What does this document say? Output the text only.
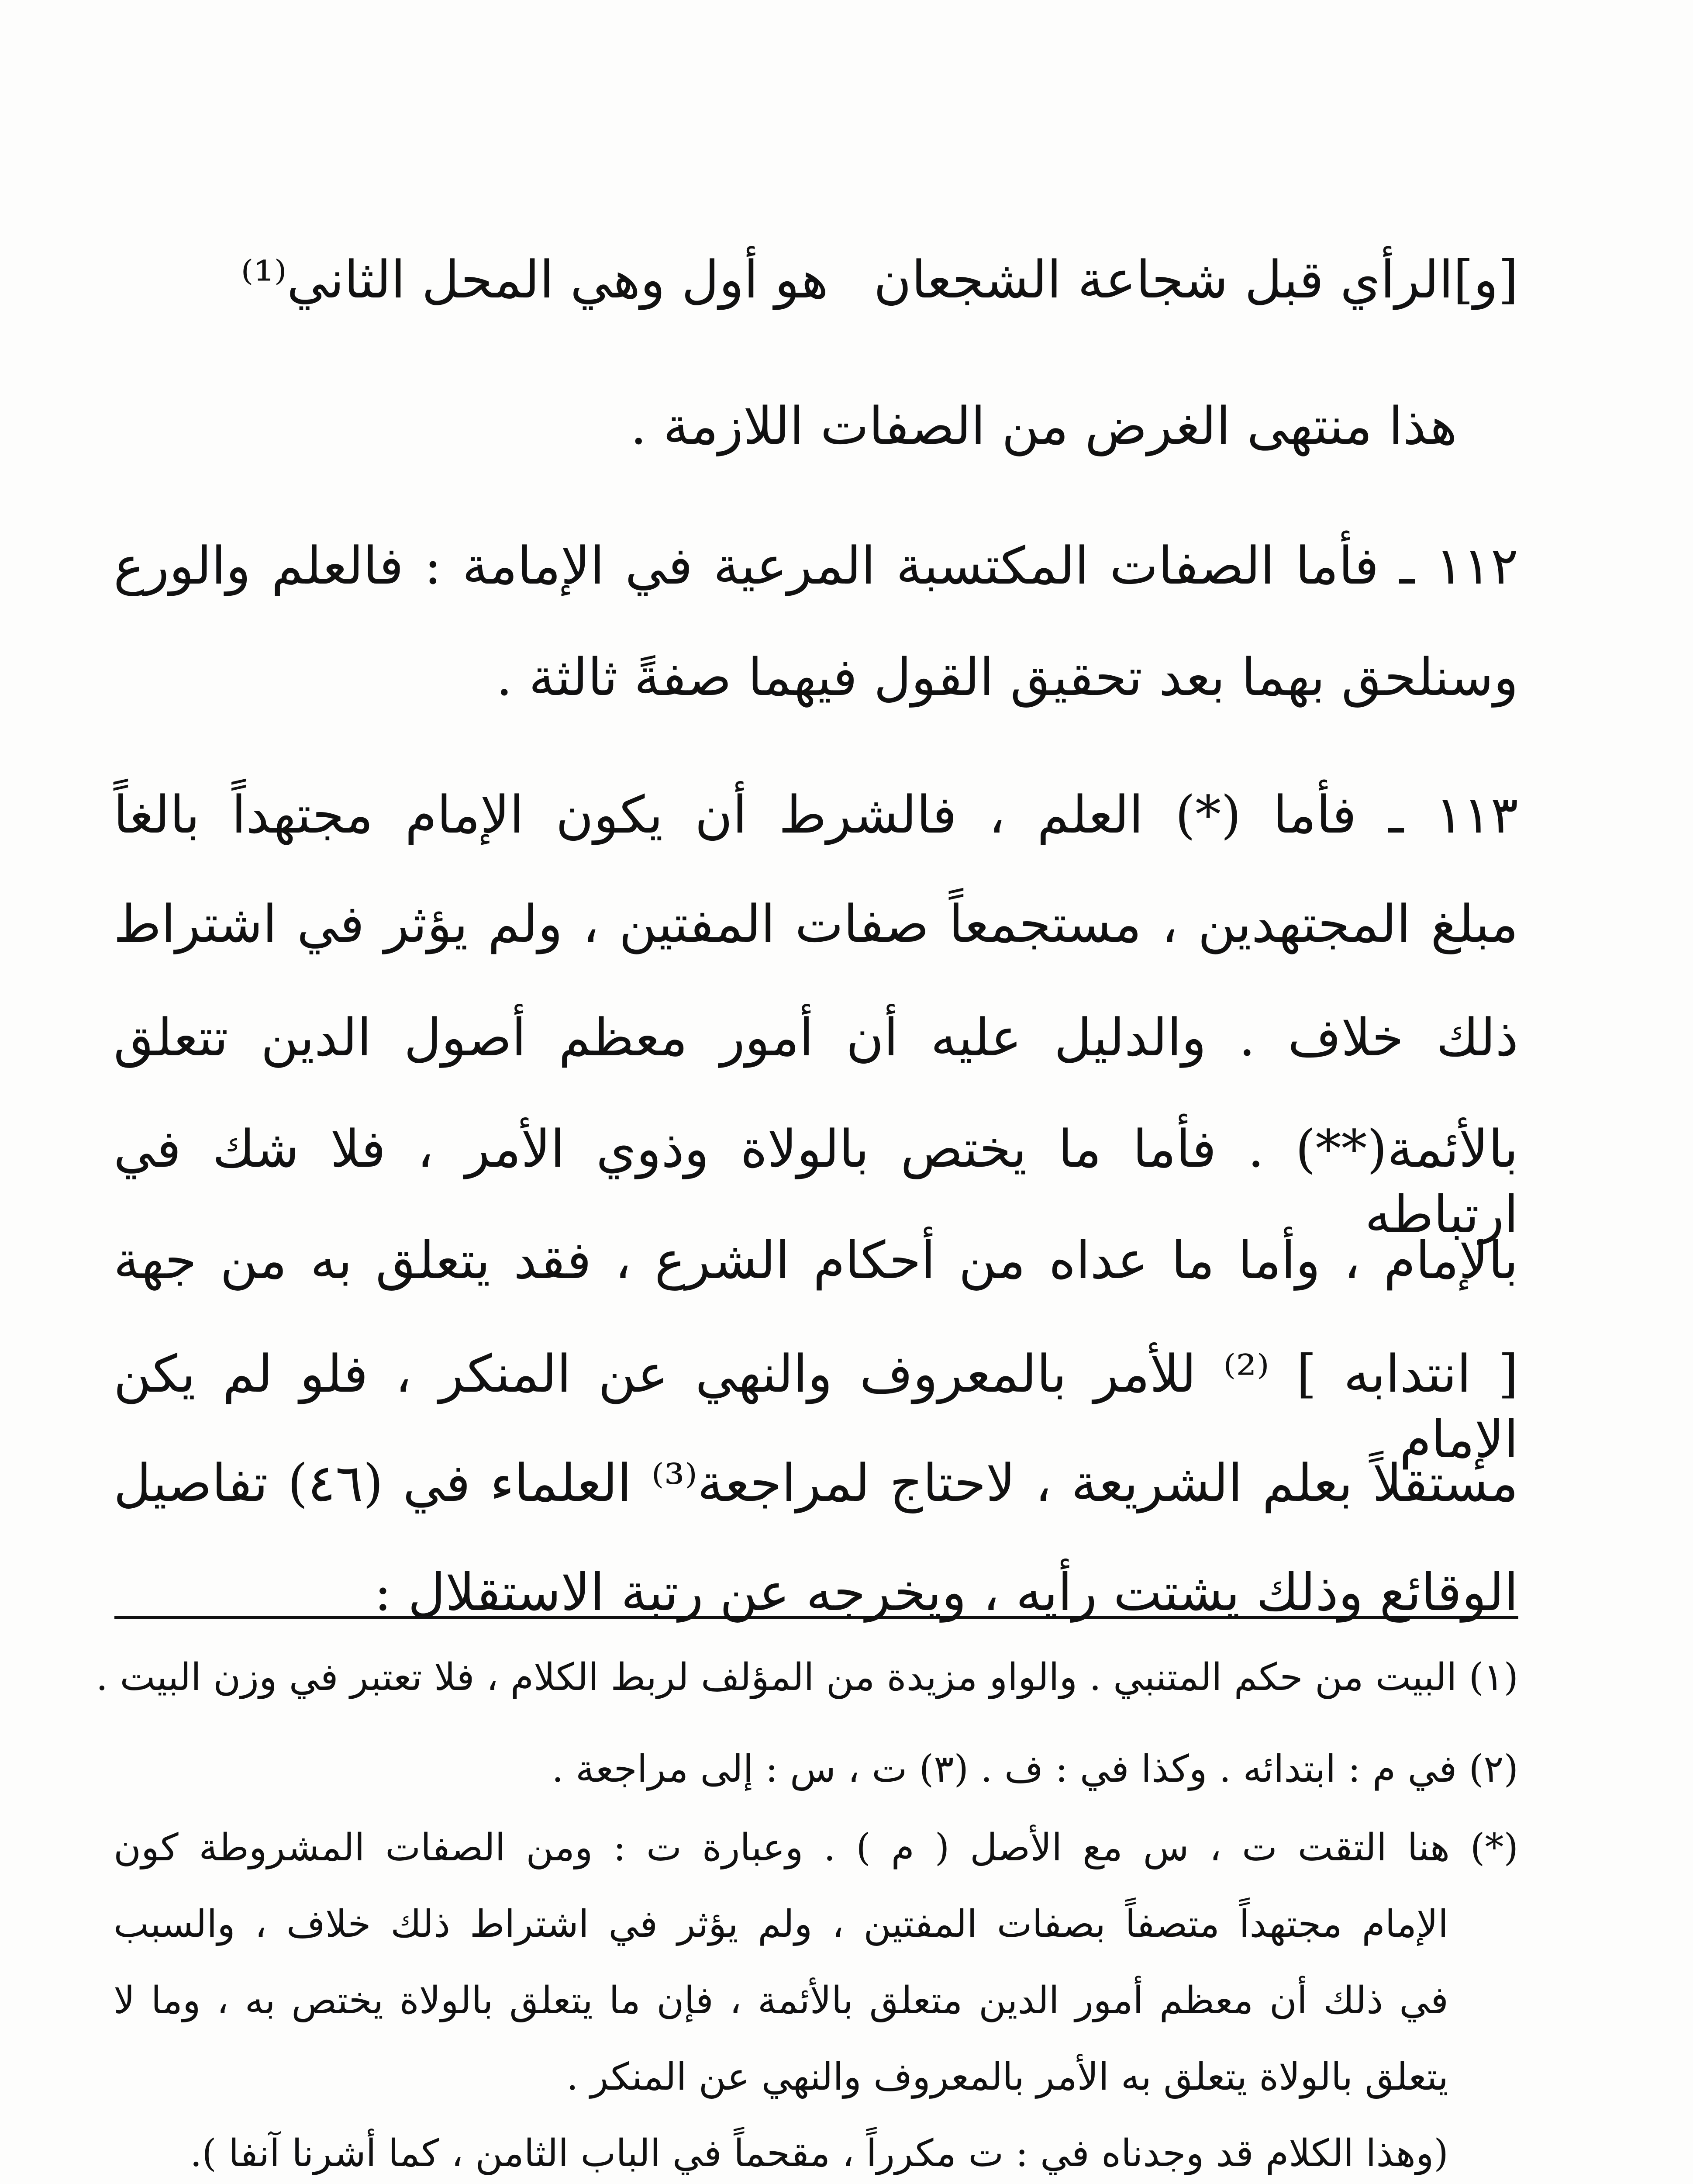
[و]الرأي قبل شجاعة الشجعان
هو أول وهي المحل الثاني⁽¹⁾
هذا منتهى الغرض من الصفات اللازمة .
١١٢ ـ فأما الصفات المكتسبة المرعية في الإمامة : فالعلم والورع
وسنلحق بهما بعد تحقيق القول فيهما صفةً ثالثة .
١١٣ ـ فأما (*) العلم ، فالشرط أن يكون الإمام مجتهداً بالغاً
مبلغ المجتهدين ، مستجمعاً صفات المفتين ، ولم يؤثر في اشتراط
ذلك خلاف . والدليل عليه أن أمور معظم أصول الدين تتعلق
بالأئمة(**) . فأما ما يختص بالولاة وذوي الأمر ، فلا شك في ارتباطه
بالإمام ، وأما ما عداه من أحكام الشرع ، فقد يتعلق به من جهة
[ انتدابه ] ⁽²⁾ للأمر بالمعروف والنهي عن المنكر ، فلو لم يكن الإمام
مستقلاً بعلم الشريعة ، لاحتاج لمراجعة⁽³⁾ العلماء في (٤٦) تفاصيل
الوقائع وذلك يشتت رأيه ، ويخرجه عن رتبة الاستقلال :
(١) البيت من حكم المتنبي . والواو مزيدة من المؤلف لربط الكلام ، فلا تعتبر في وزن البيت .
(٢) في م : ابتدائه . وكذا في : ف . (٣) ت ، س : إلى مراجعة .
(*) هنا التقت ت ، س مع الأصل ( م ) . وعبارة ت : ومن الصفات المشروطة كون
الإمام مجتهداً متصفاً بصفات المفتين ، ولم يؤثر في اشتراط ذلك خلاف ، والسبب
في ذلك أن معظم أمور الدين متعلق بالأئمة ، فإن ما يتعلق بالولاة يختص به ، وما لا
يتعلق بالولاة يتعلق به الأمر بالمعروف والنهي عن المنكر .
(وهذا الكلام قد وجدناه في : ت مكرراً ، مقحماً في الباب الثامن ، كما أشرنا آنفا ).
